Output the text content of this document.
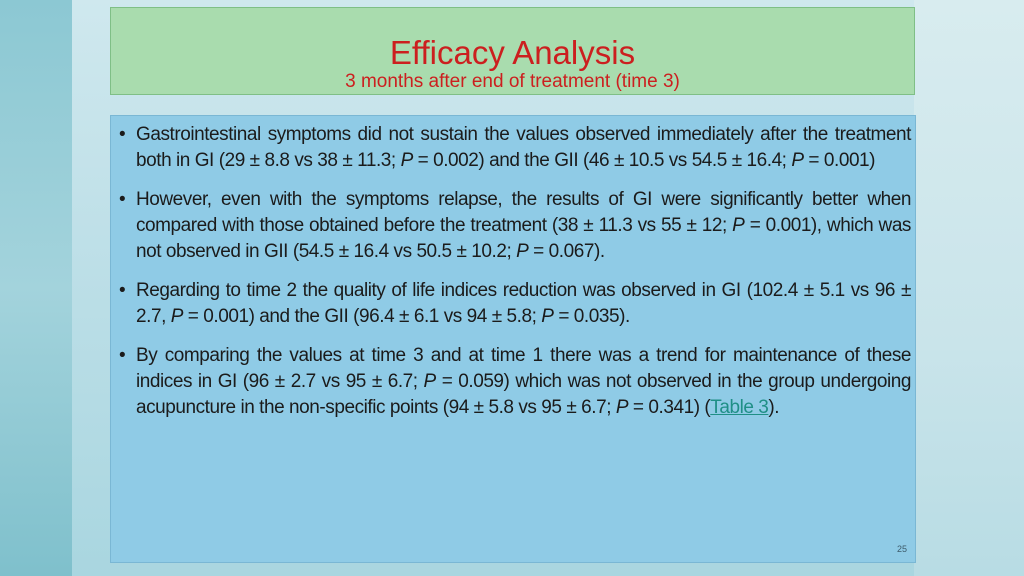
Efficacy Analysis
3 months after end of treatment (time 3)
• Gastrointestinal symptoms did not sustain the values observed immediately after the treatment both in GI (29 ± 8.8 vs 38 ± 11.3; P = 0.002) and the GII (46 ± 10.5 vs 54.5 ± 16.4; P = 0.001)
• However, even with the symptoms relapse, the results of GI were significantly better when compared with those obtained before the treatment (38 ± 11.3 vs 55 ± 12; P = 0.001), which was not observed in GII (54.5 ± 16.4 vs 50.5 ± 10.2; P = 0.067).
• Regarding to time 2 the quality of life indices reduction was observed in GI (102.4 ± 5.1 vs 96 ± 2.7, P = 0.001) and the GII (96.4 ± 6.1 vs 94 ± 5.8; P = 0.035).
• By comparing the values at time 3 and at time 1 there was a trend for maintenance of these indices in GI (96 ± 2.7 vs 95 ± 6.7; P = 0.059) which was not observed in the group undergoing acupuncture in the non-specific points (94 ± 5.8 vs 95 ± 6.7; P = 0.341) (Table 3).
25
